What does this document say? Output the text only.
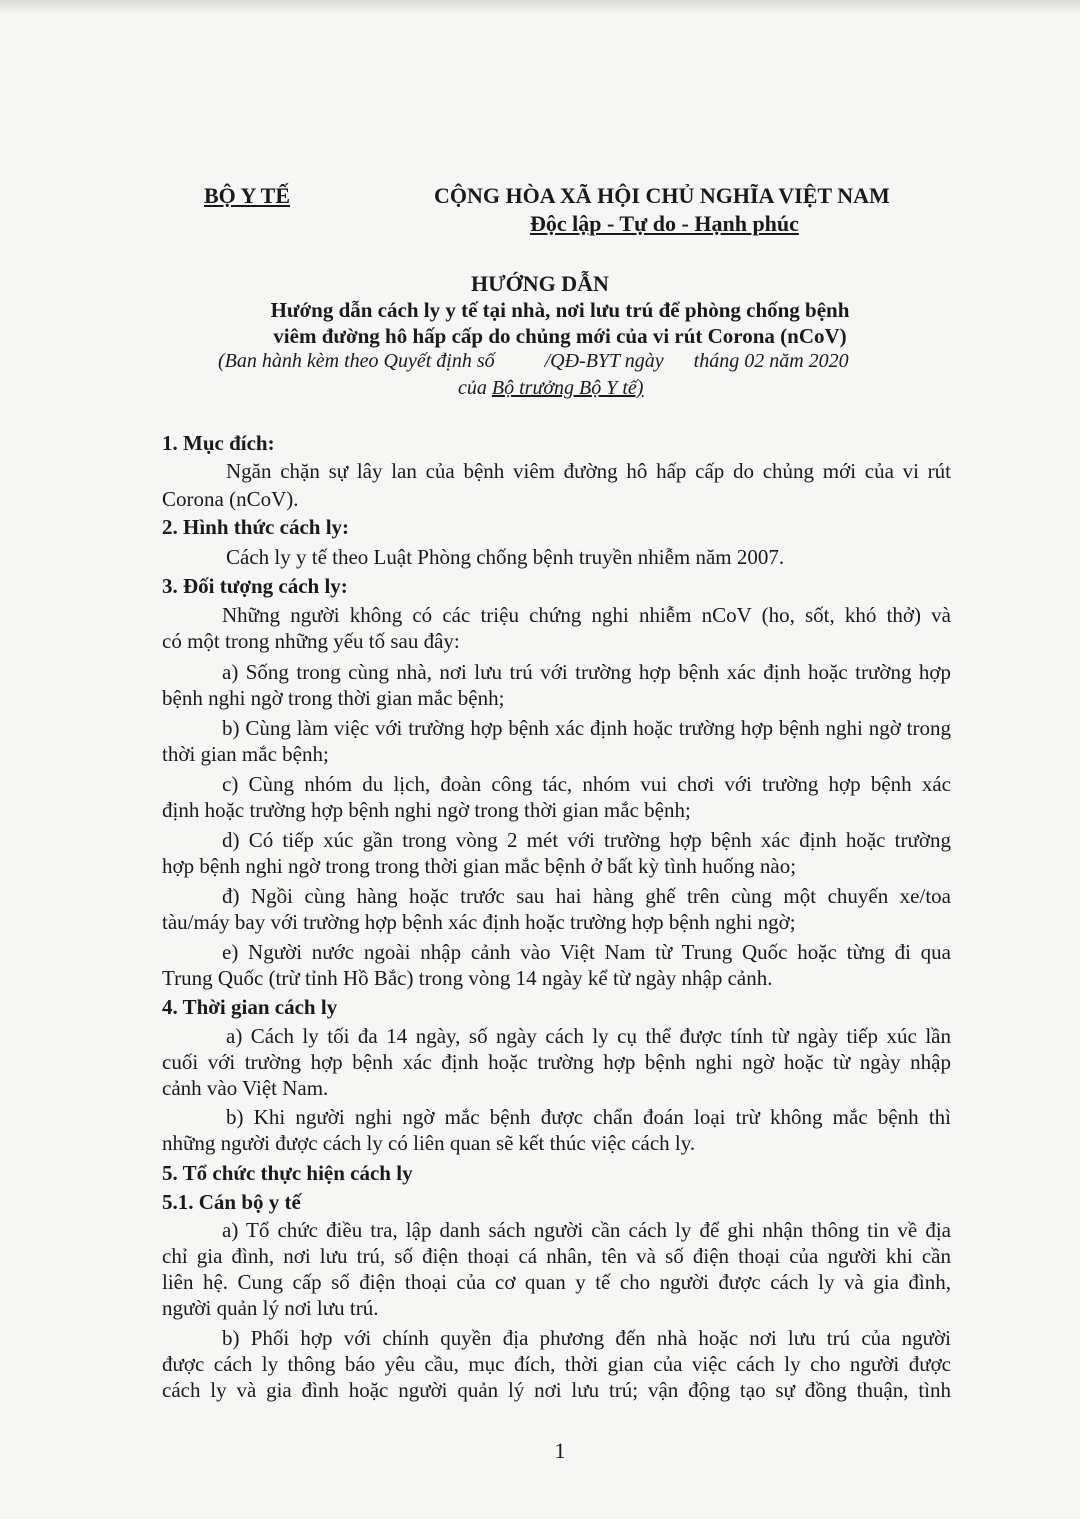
BỘ Y TẾ	CỘNG HÒA XÃ HỘI CHỦ NGHĨA VIỆT NAM
Độc lập - Tự do - Hạnh phúc
HƯỚNG DẪN
Hướng dẫn cách ly y tế tại nhà, nơi lưu trú để phòng chống bệnh
viêm đường hô hấp cấp do chủng mới của vi rút Corona (nCoV)
(Ban hành kèm theo Quyết định số          /QĐ-BYT ngày      tháng 02 năm 2020
của Bộ trưởng Bộ Y tế)
1. Mục đích:
Ngăn chặn sự lây lan của bệnh viêm đường hô hấp cấp do chủng mới của vi rút
Corona (nCoV).
2. Hình thức cách ly:
Cách ly y tế theo Luật Phòng chống bệnh truyền nhiễm năm 2007.
3. Đối tượng cách ly:
Những người không có các triệu chứng nghi nhiễm nCoV (ho, sốt, khó thở) và
có một trong những yếu tố sau đây:
a) Sống trong cùng nhà, nơi lưu trú với trường hợp bệnh xác định hoặc trường hợp
bệnh nghi ngờ trong thời gian mắc bệnh;
b) Cùng làm việc với trường hợp bệnh xác định hoặc trường hợp bệnh nghi ngờ trong
thời gian mắc bệnh;
c) Cùng nhóm du lịch, đoàn công tác, nhóm vui chơi với trường hợp bệnh xác
định hoặc trường hợp bệnh nghi ngờ trong thời gian mắc bệnh;
d) Có tiếp xúc gần trong vòng 2 mét với trường hợp bệnh xác định hoặc trường
hợp bệnh nghi ngờ trong trong thời gian mắc bệnh ở bất kỳ tình huống nào;
đ) Ngồi cùng hàng hoặc trước sau hai hàng ghế trên cùng một chuyến xe/toa
tàu/máy bay với trường hợp bệnh xác định hoặc trường hợp bệnh nghi ngờ;
e) Người nước ngoài nhập cảnh vào Việt Nam từ Trung Quốc hoặc từng đi qua
Trung Quốc (trừ tỉnh Hồ Bắc) trong vòng 14 ngày kể từ ngày nhập cảnh.
4. Thời gian cách ly
a) Cách ly tối đa 14 ngày, số ngày cách ly cụ thể được tính từ ngày tiếp xúc lần
cuối với trường hợp bệnh xác định hoặc trường hợp bệnh nghi ngờ hoặc từ ngày nhập
cảnh vào Việt Nam.
b) Khi người nghi ngờ mắc bệnh được chẩn đoán loại trừ không mắc bệnh thì
những người được cách ly có liên quan sẽ kết thúc việc cách ly.
5. Tổ chức thực hiện cách ly
5.1. Cán bộ y tế
a) Tổ chức điều tra, lập danh sách người cần cách ly để ghi nhận thông tin về địa
chỉ gia đình, nơi lưu trú, số điện thoại cá nhân, tên và số điện thoại của người khi cần
liên hệ. Cung cấp số điện thoại của cơ quan y tế cho người được cách ly và gia đình,
người quản lý nơi lưu trú.
b) Phối hợp với chính quyền địa phương đến nhà hoặc nơi lưu trú của người
được cách ly thông báo yêu cầu, mục đích, thời gian của việc cách ly cho người được
cách ly và gia đình hoặc người quản lý nơi lưu trú; vận động tạo sự đồng thuận, tình
1
